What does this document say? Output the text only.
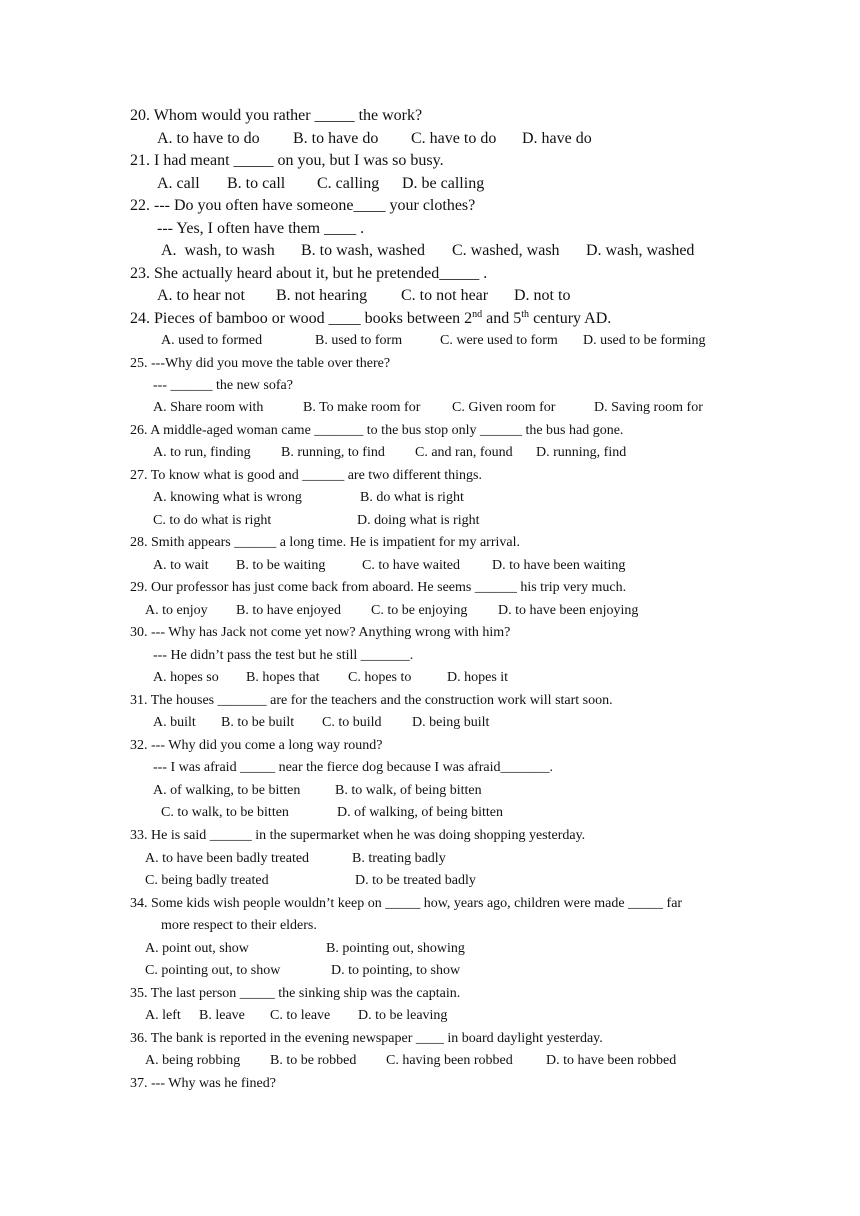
20. Whom would you rather _____ the work?
A. to have to do B. to have do C. have to do D. have do
21. I had meant _____ on you, but I was so busy.
A. call B. to call C. calling D. be calling
22. --- Do you often have someone____ your clothes?
--- Yes, I often have them ____ .
A.  wash, to wash B. to wash, washed C. washed, wash D. wash, washed
23. She actually heard about it, but he pretended_____ .
A. to hear not B. not hearing C. to not hear D. not to
24. Pieces of bamboo or wood ____ books between 2nd and 5th century AD.
A. used to formed	B. used to form	C. were used to form D. used to be forming
25. ---Why did you move the table over there?
--- ______ the new sofa?
A. Share room with	B. To make room for C. Given room for	D. Saving room for
26. A middle-aged woman came _______ to the bus stop only ______ the bus had gone.
A. to run, finding B. running, to find C. and ran, found D. running, find
27. To know what is good and ______ are two different things.
A. knowing what is wrong	B. do what is right
C. to do what is right	D. doing what is right
28. Smith appears ______ a long time. He is impatient for my arrival.
A. to wait B. to be waiting	C. to have waited D. to have been waiting
29. Our professor has just come back from aboard. He seems ______ his trip very much.
A. to enjoy B. to have enjoyed C. to be enjoying D. to have been enjoying
30. --- Why has Jack not come yet now? Anything wrong with him?
--- He didn’t pass the test but he still _______.
A. hopes so B. hopes that C. hopes to	D. hopes it
31. The houses _______ are for the teachers and the construction work will start soon.
A. built B. to be built C. to build D. being built
32. --- Why did you come a long way round?
--- I was afraid _____ near the fierce dog because I was afraid_______.
A. of walking, to be bitten B. to walk, of being bitten
C. to walk, to be bitten	D. of walking, of being bitten
33. He is said ______ in the supermarket when he was doing shopping yesterday.
A. to have been badly treated	B. treating badly
C. being badly treated	D. to be treated badly
34. Some kids wish people wouldn’t keep on _____ how, years ago, children were made _____ far
more respect to their elders.
A. point out, show	B. pointing out, showing
C. pointing out, to show	D. to pointing, to show
35. The last person _____ the sinking ship was the captain.
A. left B. leave C. to leave D. to be leaving
36. The bank is reported in the evening newspaper ____ in board daylight yesterday.
A. being robbing B. to be robbed C. having been robbed D. to have been robbed
37. --- Why was he fined?
